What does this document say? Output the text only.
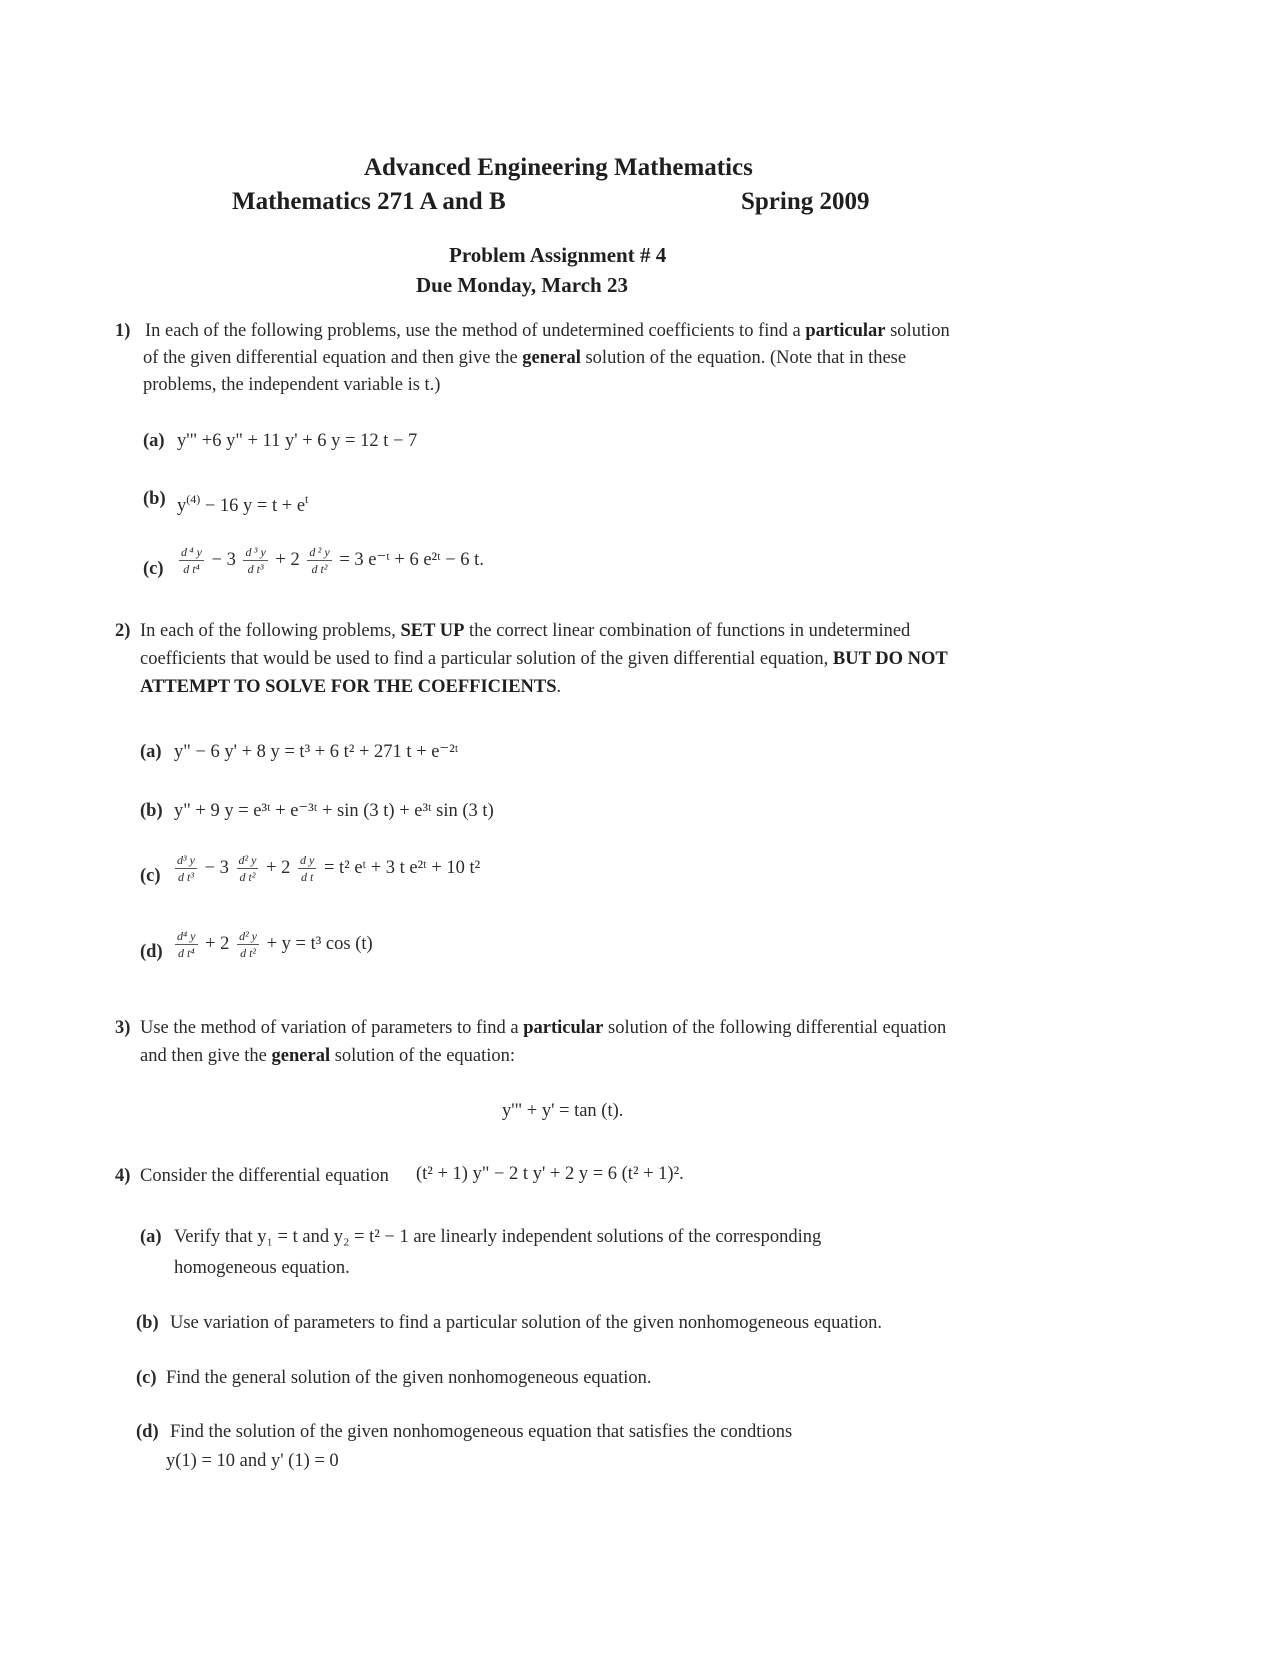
Advanced Engineering Mathematics
Mathematics 271 A and B	Spring 2009
Problem Assignment # 4
Due Monday, March 23
1) In each of the following problems, use the method of undetermined coefficients to find a particular solution
of the given differential equation and then give the general solution of the equation. (Note that in these
problems, the independent variable is t.)
(a) y'" +6 y" + 11 y' + 6 y = 12 t − 7
(b) $y^{(4)} - 16$ $y = t + e^t$
$(c) \frac{\text{d ⁴ y}}{\text{d t⁴}} - 3 \frac{\text{d ³ y}}{\text{d t³}} + 2 \frac{\text{d ² y}}{\text{d t²}} = 3$ e⁻ᵗ + 6 e²ᵗ − 6 t.
2) In each of the following problems, SET UP the correct linear combination of functions in undetermined
coefficients that would be used to find a particular solution of the given differential equation, BUT DO NOT
ATTEMPT TO SOLVE FOR THE COEFFICIENTS.
(a) y" − 6 y' + 8 y = t³ + 6 t² + 271 t + e⁻²ᵗ
(b) y" + 9 y = e³ᵗ + e⁻³ᵗ + sin (3 t) + e³ᵗ sin (3 t)
$(c) \frac{\text{d³ y}}{\text{d t³}} - 3 \frac{\text{d² y}}{\text{d t²}} + 2 \frac{\text{d y}}{\text{d t}} = t^2$ eᵗ + 3 t e²ᵗ + 10 t²
$(d) \frac{\text{d⁴ y}}{\text{d t⁴}} + 2 \frac{\text{d² y}}{\text{d t²}} + y = t^3$ cos (t)
3) Use the method of variation of parameters to find a particular solution of the following differential equation
and then give the general solution of the equation:
y'" + y' = tan (t).
4) Consider the differential equation (t² + 1) y" − 2 t y' + 2 y = 6 (t² + 1)².
(a) Verify that y₁ = t and y₂ = t² − 1 are linearly independent solutions of the corresponding
homogeneous equation.
(b) Use variation of parameters to find a particular solution of the given nonhomogeneous equation.
(c) Find the general solution of the given nonhomogeneous equation.
(d) Find the solution of the given nonhomogeneous equation that satisfies the condtions
y(1) = 10 and y' (1) = 0
